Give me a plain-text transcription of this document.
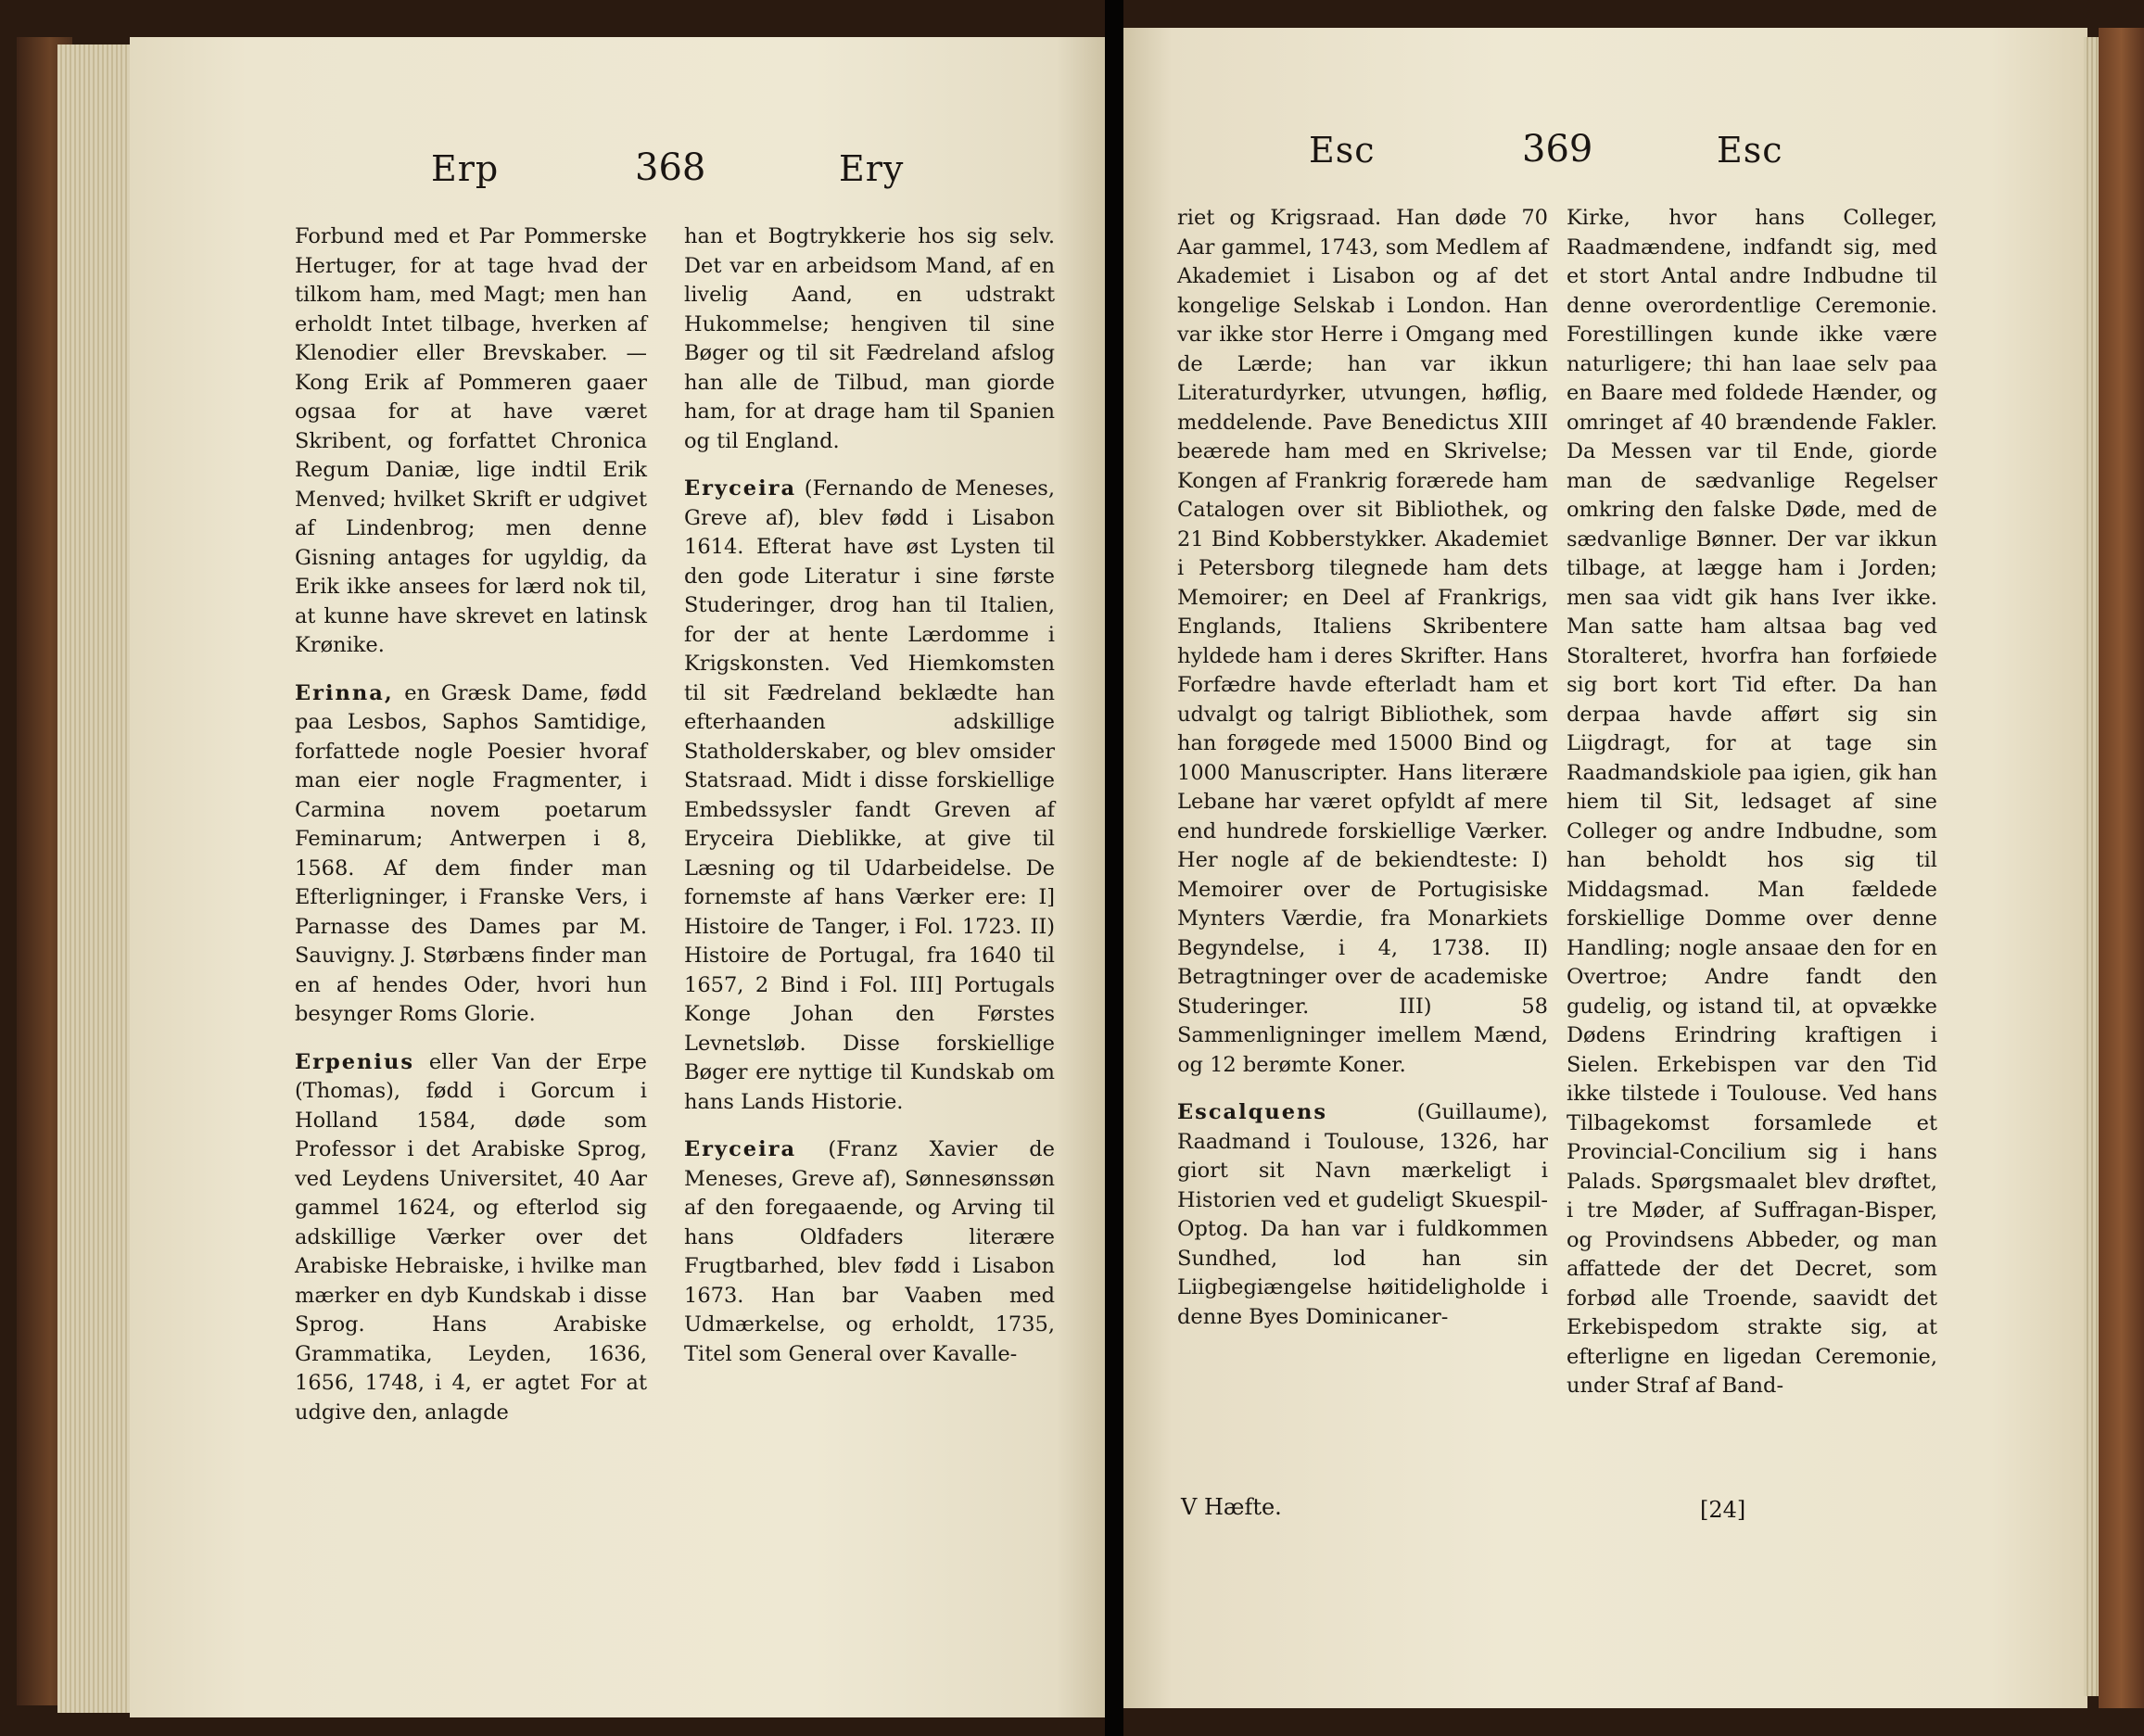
Erp	368	Ery

Forbund med et Par Pommerske Hertuger, for at tage hvad der tilkom ham, med Magt; men han erholdt Intet tilbage, hverken af Klenodier eller Brevskaber. — Kong Erik af Pommeren gaaer ogsaa for at have været Skribent, og forfattet Chronica Regum Daniæ, lige indtil Erik Menved; hvilket Skrift er udgivet af Lindenbrog; men denne Gisning antages for ugyldig, da Erik ikke ansees for lærd nok til, at kunne have skrevet en latinsk Krønike.

Erinna, en Græsk Dame, fødd paa Lesbos, Saphos Samtidige, forfattede nogle Poesier hvoraf man eier nogle Fragmenter, i Carmina novem poetarum Feminarum; Antwerpen i 8, 1568. Af dem finder man Efterligninger, i Franske Vers, i Parnasse des Dames par M. Sauvigny. J. Størbæns finder man en af hendes Oder, hvori hun besynger Roms Glorie.

Erpenius eller Van der Erpe (Thomas), fødd i Gorcum i Holland 1584, døde som Professor i det Arabiske Sprog, ved Leydens Universitet, 40 Aar gammel 1624, og efterlod sig adskillige Værker over det Arabiske Hebraiske, i hvilke man mærker en dyb Kundskab i disse Sprog. Hans Arabiske Grammatika, Leyden, 1636, 1656, 1748, i 4, er agtet For at udgive den, anlagde

han et Bogtrykkerie hos sig selv. Det var en arbeidsom Mand, af en livelig Aand, en udstrakt Hukommelse; hengiven til sine Bøger og til sit Fædreland afslog han alle de Tilbud, man giorde ham, for at drage ham til Spanien og til England.

Eryceira (Fernando de Meneses, Greve af), blev fødd i Lisabon 1614. Efterat have øst Lysten til den gode Literatur i sine første Studeringer, drog han til Italien, for der at hente Lærdomme i Krigskonsten. Ved Hiemkomsten til sit Fædreland beklædte han efterhaanden adskillige Statholderskaber, og blev omsider Statsraad. Midt i disse forskiellige Embedssysler fandt Greven af Eryceira Dieblikke, at give til Læsning og til Udarbeidelse. De fornemste af hans Værker ere: I] Histoire de Tanger, i Fol. 1723. II) Histoire de Portugal, fra 1640 til 1657, 2 Bind i Fol. III] Portugals Konge Johan den Førstes Levnetsløb. Disse forskiellige Bøger ere nyttige til Kundskab om hans Lands Historie.

Eryceira (Franz Xavier de Meneses, Greve af), Sønnesønssøn af den foregaaende, og Arving til hans Oldfaders literære Frugtbarhed, blev fødd i Lisabon 1673. Han bar Vaaben med Udmærkelse, og erholdt, 1735, Titel som General over Kavalle-

Esc	369	Esc

riet og Krigsraad. Han døde 70 Aar gammel, 1743, som Medlem af Akademiet i Lisabon og af det kongelige Selskab i London. Han var ikke stor Herre i Omgang med de Lærde; han var ikkun Literaturdyrker, utvungen, høflig, meddelende. Pave Benedictus XIII beærede ham med en Skrivelse; Kongen af Frankrig forærede ham Catalogen over sit Bibliothek, og 21 Bind Kobberstykker. Akademiet i Petersborg tilegnede ham dets Memoirer; en Deel af Frankrigs, Englands, Italiens Skribentere hyldede ham i deres Skrifter. Hans Forfædre havde efterladt ham et udvalgt og talrigt Bibliothek, som han forøgede med 15000 Bind og 1000 Manuscripter. Hans literære Lebane har været opfyldt af mere end hundrede forskiellige Værker. Her nogle af de bekiendteste: I) Memoirer over de Portugisiske Mynters Værdie, fra Monarkiets Begyndelse, i 4, 1738. II) Betragtninger over de academiske Studeringer. III) 58 Sammenligninger imellem Mænd, og 12 berømte Koner.

Escalquens (Guillaume), Raadmand i Toulouse, 1326, har giort sit Navn mærkeligt i Historien ved et gudeligt Skuespil-Optog. Da han var i fuldkommen Sundhed, lod han sin Liigbegiængelse høitideligholde i denne Byes Dominicaner-

Kirke, hvor hans Colleger, Raadmændene, indfandt sig, med et stort Antal andre Indbudne til denne overordentlige Ceremonie. Forestillingen kunde ikke være naturligere; thi han laae selv paa en Baare med foldede Hænder, og omringet af 40 brændende Fakler. Da Messen var til Ende, giorde man de sædvanlige Regelser omkring den falske Døde, med de sædvanlige Bønner. Der var ikkun tilbage, at lægge ham i Jorden; men saa vidt gik hans Iver ikke. Man satte ham altsaa bag ved Storalteret, hvorfra han forføiede sig bort kort Tid efter. Da han derpaa havde afført sig sin Liigdragt, for at tage sin Raadmandskiole paa igien, gik han hiem til Sit, ledsaget af sine Colleger og andre Indbudne, som han beholdt hos sig til Middagsmad. Man fældede forskiellige Domme over denne Handling; nogle ansaae den for en Overtroe; Andre fandt den gudelig, og istand til, at opvække Dødens Erindring kraftigen i Sielen. Erkebispen var den Tid ikke tilstede i Toulouse. Ved hans Tilbagekomst forsamlede et Provincial-Concilium sig i hans Palads. Spørgsmaalet blev drøftet, i tre Møder, af Suffragan-Bisper, og Provindsens Abbeder, og man affattede der det Decret, som forbød alle Troende, saavidt det Erkebispedom strakte sig, at efterligne en ligedan Ceremonie, under Straf af Band-

V Hæfte.	[24]
